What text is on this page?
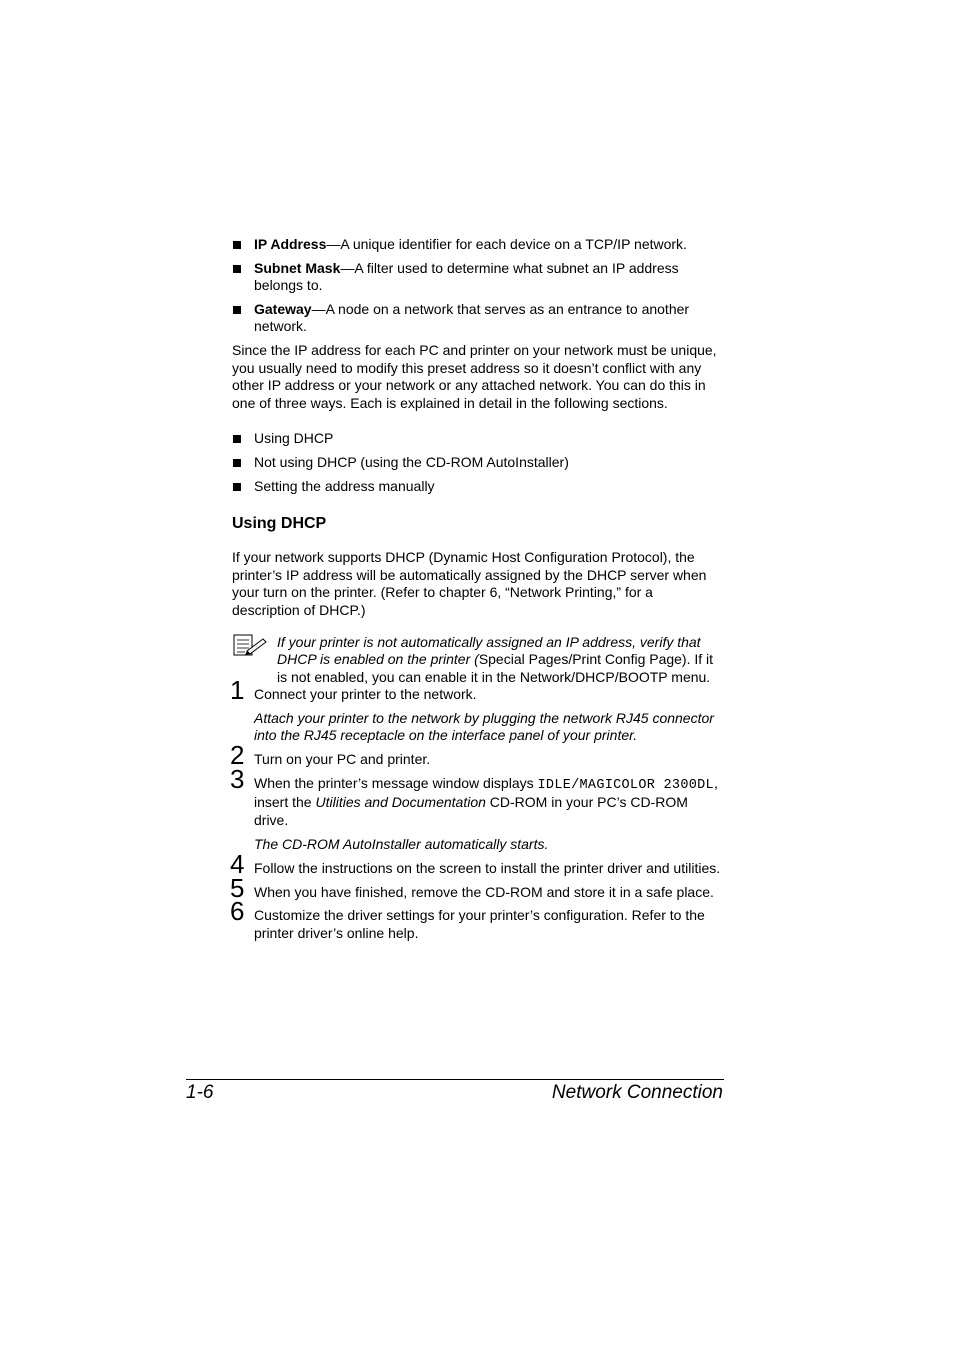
IP Address—A unique identifier for each device on a TCP/IP network.
Subnet Mask—A filter used to determine what subnet an IP address belongs to.
Gateway—A node on a network that serves as an entrance to another network.

Since the IP address for each PC and printer on your network must be unique, you usually need to modify this preset address so it doesn’t conflict with any other IP address or your network or any attached network. You can do this in one of three ways. Each is explained in detail in the following sections.

Using DHCP
Not using DHCP (using the CD-ROM AutoInstaller)
Setting the address manually
Using DHCP

If your network supports DHCP (Dynamic Host Configuration Protocol), the printer’s IP address will be automatically assigned by the DHCP server when your turn on the printer. (Refer to chapter 6, “Network Printing,” for a description of DHCP.)

If your printer is not automatically assigned an IP address, verify that DHCP is enabled on the printer (Special Pages/Print Config Page). If it is not enabled, you can enable it in the Network/DHCP/BOOTP menu.
1 Connect your printer to the network.
Attach your printer to the network by plugging the network RJ45 connector into the RJ45 receptacle on the interface panel of your printer.
2 Turn on your PC and printer.
3 When the printer’s message window displays IDLE/MAGICOLOR 2300DL, insert the Utilities and Documentation CD-ROM in your PC’s CD-ROM drive.
The CD-ROM AutoInstaller automatically starts.
4 Follow the instructions on the screen to install the printer driver and utilities.
5 When you have finished, remove the CD-ROM and store it in a safe place.
6 Customize the driver settings for your printer’s configuration. Refer to the printer driver’s online help.
1-6	Network Connection
